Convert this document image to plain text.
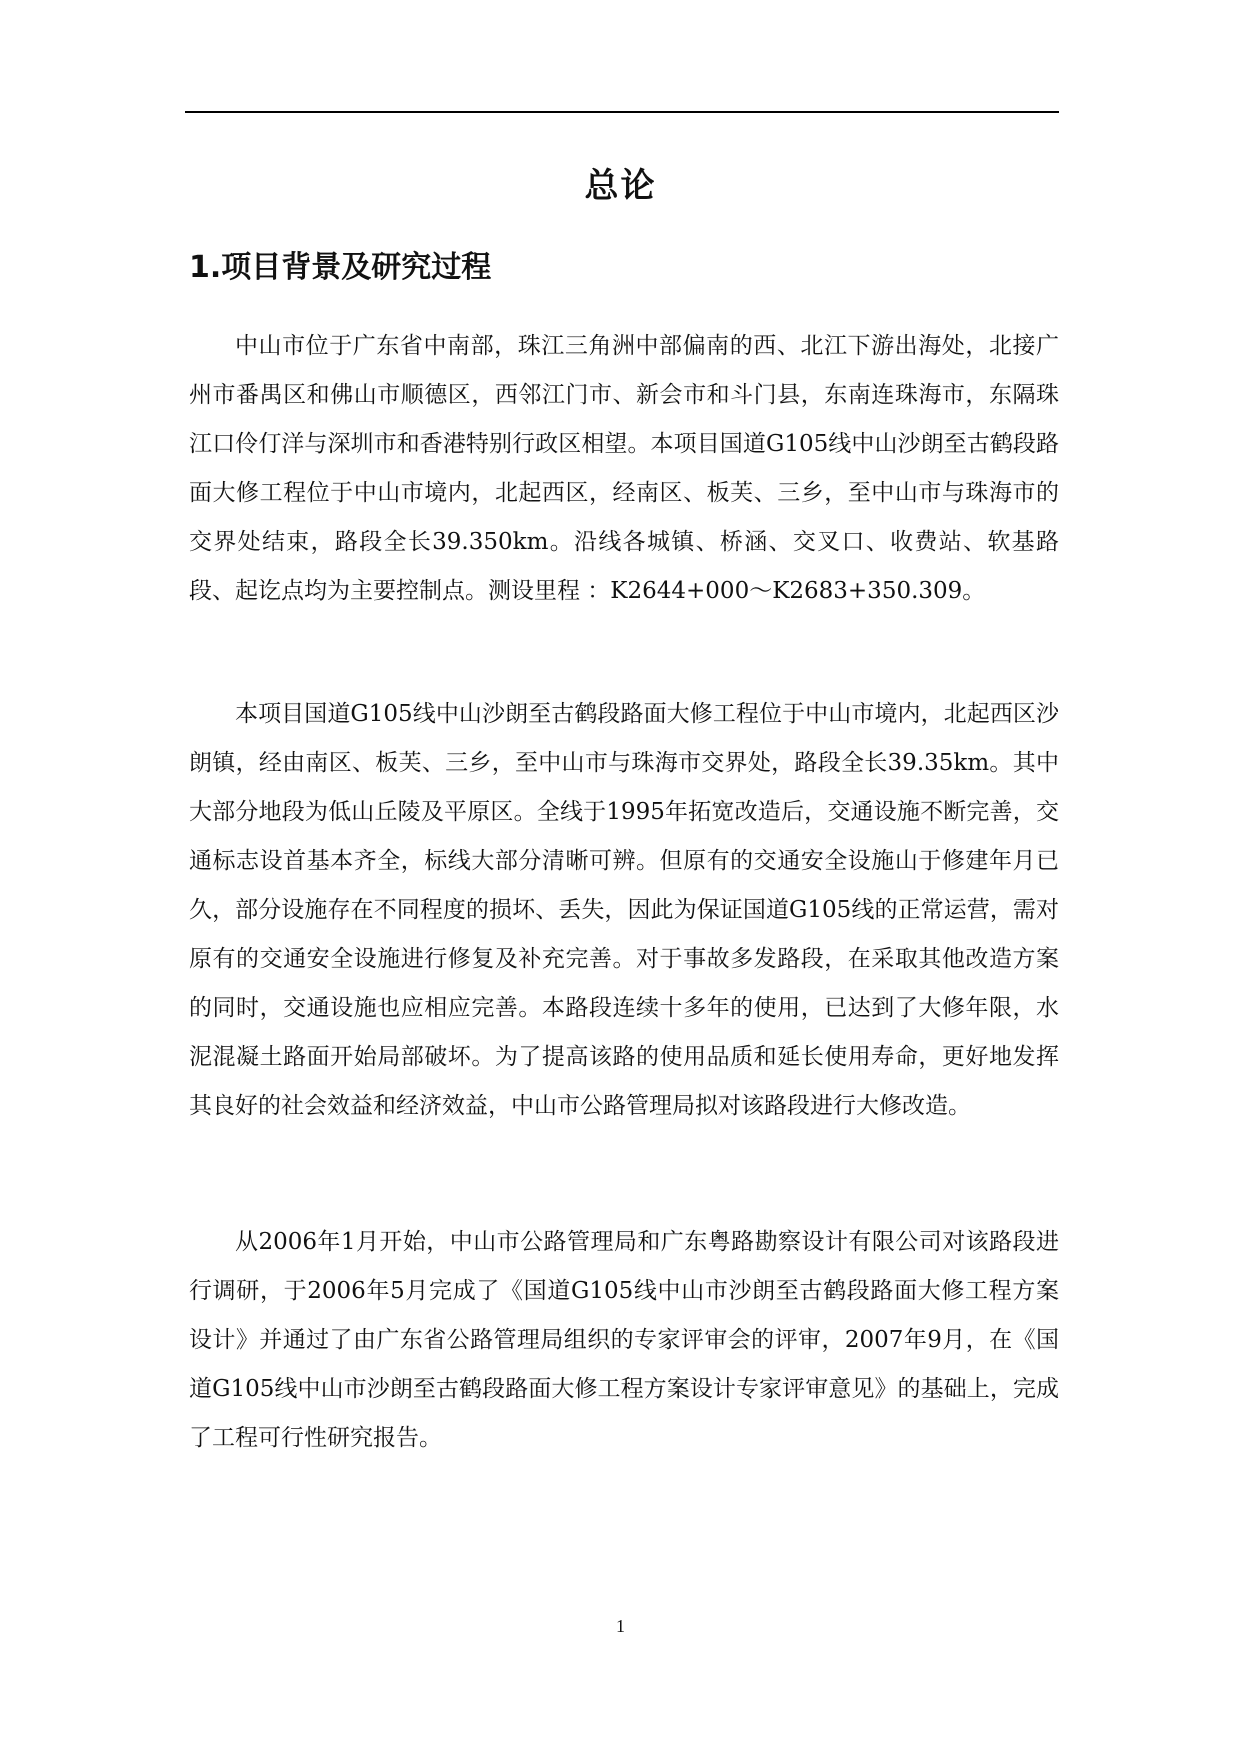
总论
1.项目背景及研究过程

中山市位于广东省中南部，珠江三角洲中部偏南的西、北江下游出海处，北接广州市番禺区和佛山市顺德区，西邻江门市、新会市和斗门县，东南连珠海市，东隔珠江口伶仃洋与深圳市和香港特别行政区相望。本项目国道G105线中山沙朗至古鹤段路面大修工程位于中山市境内，北起西区，经南区、板芙、三乡，至中山市与珠海市的交界处结束，路段全长39.350km。沿线各城镇、桥涵、交叉口、收费站、软基路段、起讫点均为主要控制点。测设里程 ：K2644+000～K2683+350.309。

本项目国道G105线中山沙朗至古鹤段路面大修工程位于中山市境内，北起西区沙朗镇，经由南区、板芙、三乡，至中山市与珠海市交界处，路段全长39.35km。其中大部分地段为低山丘陵及平原区。全线于1995年拓宽改造后，交通设施不断完善，交通标志设首基本齐全，标线大部分清晰可辨。但原有的交通安全设施山于修建年月已久，部分设施存在不同程度的损坏、丢失，因此为保证国道G105线的正常运营，需对原有的交通安全设施进行修复及补充完善。对于事故多发路段，在采取其他改造方案的同时，交通设施也应相应完善。本路段连续十多年的使用，已达到了大修年限，水泥混凝土路面开始局部破坏。为了提高该路的使用品质和延长使用寿命，更好地发挥其良好的社会效益和经济效益，中山市公路管理局拟对该路段进行大修改造。

从2006年1月开始，中山市公路管理局和广东粤路勘察设计有限公司对该路段进行调研，于2006年5月完成了《国道G105线中山市沙朗至古鹤段路面大修工程方案设计》并通过了由广东省公路管理局组织的专家评审会的评审，2007年9月，在《国道G105线中山市沙朗至古鹤段路面大修工程方案设计专家评审意见》的基础上，完成了工程可行性研究报告。

1
